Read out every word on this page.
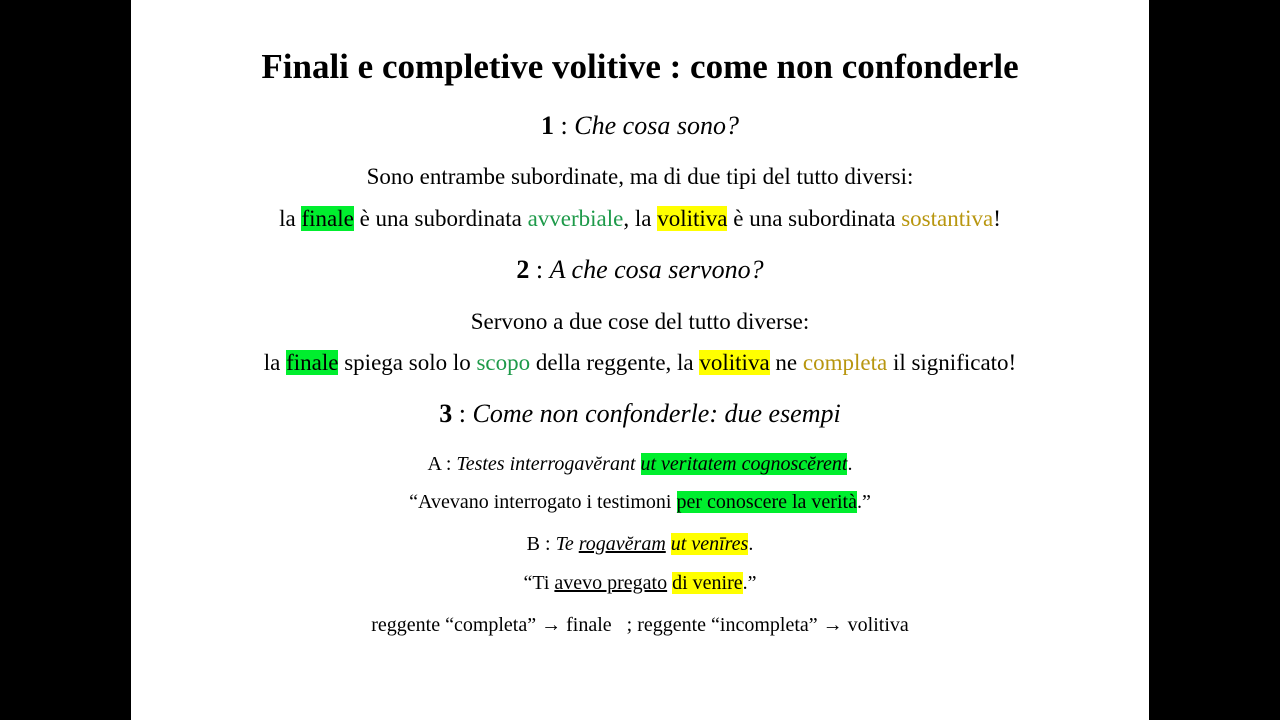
Finali e completive volitive : come non confonderle
1 : Che cosa sono?
Sono entrambe subordinate, ma di due tipi del tutto diversi:
la finale è una subordinata avverbiale, la volitiva è una subordinata sostantiva!
2 : A che cosa servono?
Servono a due cose del tutto diverse:
la finale spiega solo lo scopo della reggente, la volitiva ne completa il significato!
3 : Come non confonderle: due esempi
A : Testes interrogavĕrant ut veritatem cognoscĕrent.
“Avevano interrogato i testimoni per conoscere la verità.”
B : Te rogavĕram ut venīres.
“Ti avevo pregato di venire.”
reggente “completa” → finale   ; reggente “incompleta” → volitiva
